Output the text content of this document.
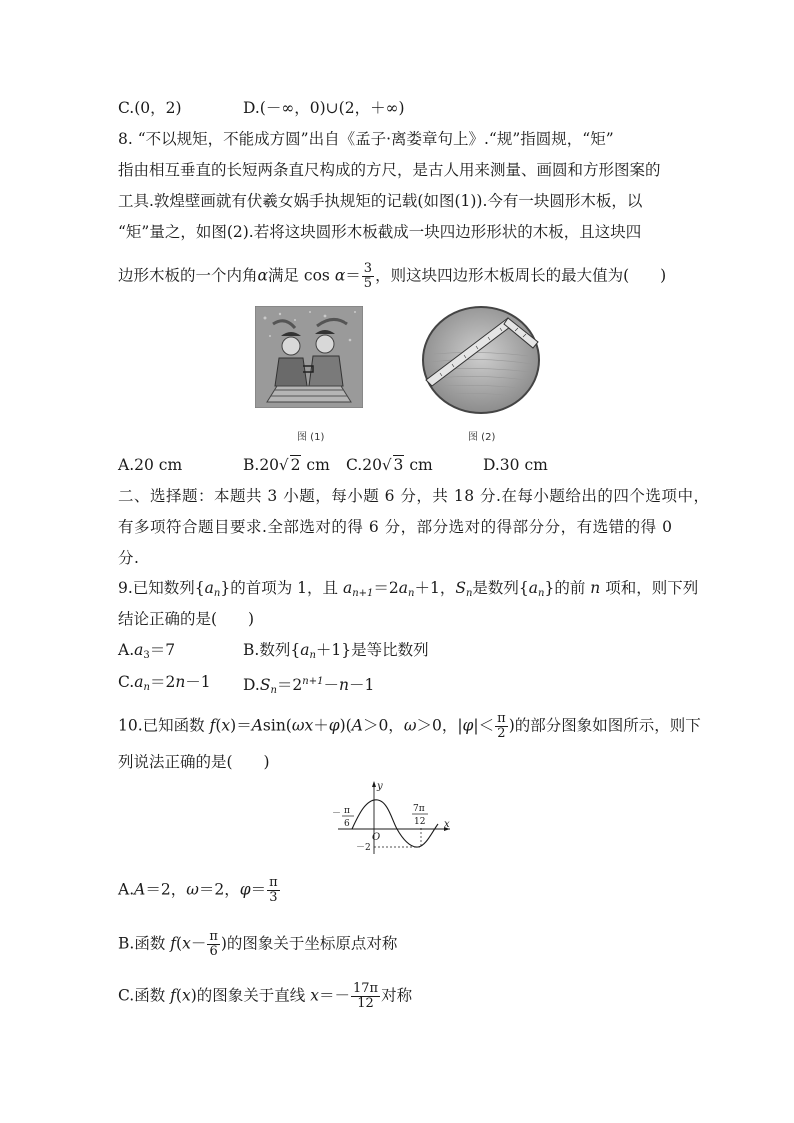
C.(0，2)	D.(－∞，0)∪(2，＋∞)
8. “不以规矩，不能成方圆”出自《孟子·离娄章句上》.“规”指圆规，“矩”
指由相互垂直的长短两条直尺构成的方尺，是古人用来测量、画圆和方形图案的
工具.敦煌壁画就有伏羲女娲手执规矩的记载(如图(1)).今有一块圆形木板，以
“矩”量之，如图(2).若将这块圆形木板截成一块四边形形状的木板，且这块四
边形木板的一个内角α满足 $\cos \alpha= \frac{3}{5}$ ，则这块四边形木板周长的最大值为(　　)
图 (1)	图 (2)
A.20 cm	B.20√ 2 cm C.20√ 3 cm	D.30 cm
二、选择题：本题共 3 小题，每小题 6 分，共 18 分.在每小题给出的四个选项中，
有多项符合题目要求.全部选对的得 6 分，部分选对的得部分分，有选错的得 0
分.
9.已知数列$\{a_n\}$的首项为 1，且 $a_{n+1}=2a_n+1$，$S_n$是数列$\{a_n\}$的前 n 项和，则下列
结论正确的是(　　)
$A.a_3=7$	B.数列$\{a_n+1\}$是等比数列
$C.a_n=2n-1$ $D.S_n=2^{n+1}-n-1$
10.已知函数 f(x)＝Asin(ωx＋φ)(A＞0，ω＞0，$|\varphi|< \frac{\pi}{2}$ )的部分图象如图所示，则下
列说法正确的是(　　)
y
x
O
－ π
6
7π
12
－2
A.A＝2，ω＝2，$\varphi= \frac{\pi}{3}$
B.函数 $f(x- \frac{\pi}{6}$ )的图象关于坐标原点对称
C.函数 f(x)的图象关于直线 $x=- \frac{17\pi}{12}$ 对称
